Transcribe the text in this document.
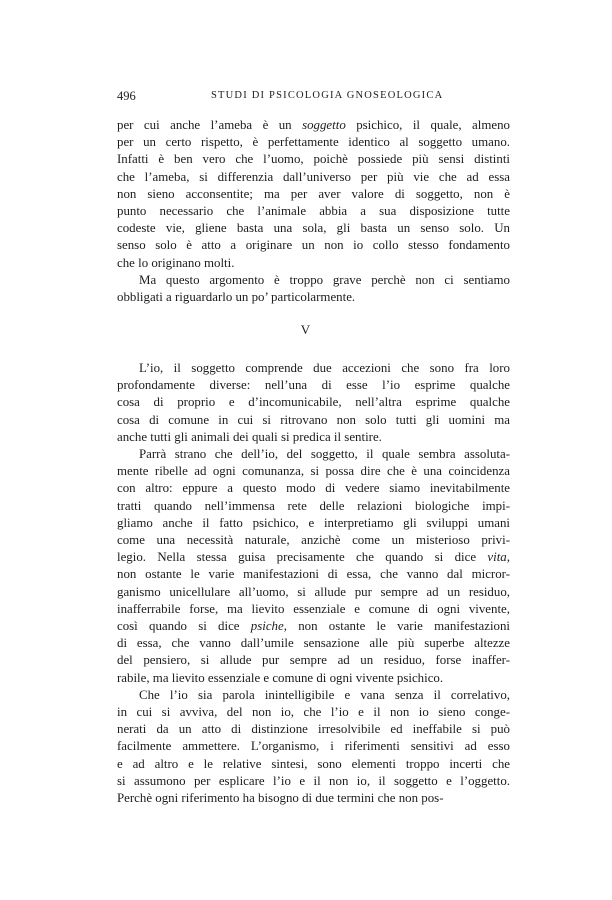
496	STUDI DI PSICOLOGIA GNOSEOLOGICA

per cui anche l’ameba è un soggetto psichico, il quale, almeno
per un certo rispetto, è perfettamente identico al soggetto umano.
Infatti è ben vero che l’uomo, poichè possiede più sensi distinti
che l’ameba, si differenzia dall’universo per più vie che ad essa
non sieno acconsentite; ma per aver valore di soggetto, non è
punto necessario che l’animale abbia a sua disposizione tutte
codeste vie, gliene basta una sola, gli basta un senso solo. Un
senso solo è atto a originare un non io collo stesso fondamento
che lo originano molti.

Ma questo argomento è troppo grave perchè non ci sentiamo
obbligati a riguardarlo un po’ particolarmente.

V

L’io, il soggetto comprende due accezioni che sono fra loro
profondamente diverse: nell’una di esse l’io esprime qualche
cosa di proprio e d’incomunicabile, nell’altra esprime qualche
cosa di comune in cui si ritrovano non solo tutti gli uomini ma
anche tutti gli animali dei quali si predica il sentire.

Parrà strano che dell’io, del soggetto, il quale sembra assoluta-
mente ribelle ad ogni comunanza, si possa dire che è una coincidenza
con altro: eppure a questo modo di vedere siamo inevitabilmente
tratti quando nell’immensa rete delle relazioni biologiche impi-
gliamo anche il fatto psichico, e interpretiamo gli sviluppi umani
come una necessità naturale, anzichè come un misterioso privi-
legio. Nella stessa guisa precisamente che quando si dice vita,
non ostante le varie manifestazioni di essa, che vanno dal micror-
ganismo unicellulare all’uomo, si allude pur sempre ad un residuo,
inafferrabile forse, ma lievito essenziale e comune di ogni vivente,
così quando si dice psiche, non ostante le varie manifestazioni
di essa, che vanno dall’umile sensazione alle più superbe altezze
del pensiero, si allude pur sempre ad un residuo, forse inaffer-
rabile, ma lievito essenziale e comune di ogni vivente psichico.

Che l’io sia parola inintelligibile e vana senza il correlativo,
in cui si avviva, del non io, che l’io e il non io sieno conge-
nerati da un atto di distinzione irresolvibile ed ineffabile si può
facilmente ammettere. L’organismo, i riferimenti sensitivi ad esso
e ad altro e le relative sintesi, sono elementi troppo incerti che
si assumono per esplicare l’io e il non io, il soggetto e l’oggetto.
Perchè ogni riferimento ha bisogno di due termini che non pos-
